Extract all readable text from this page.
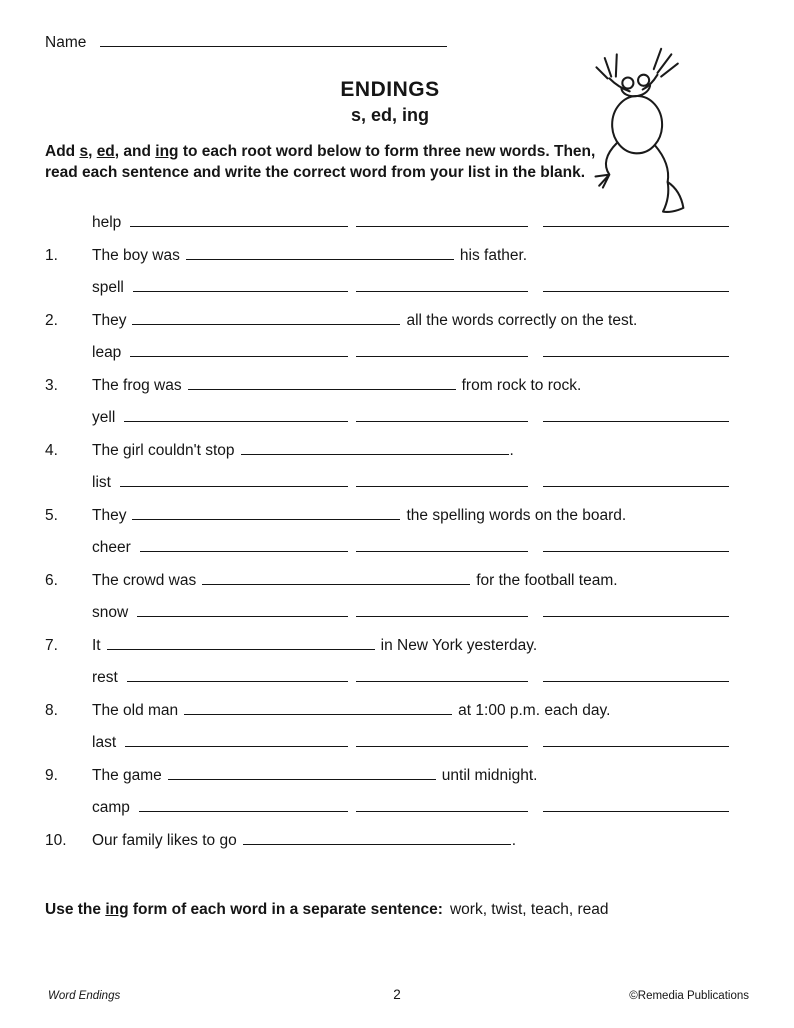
Name
ENDINGS
s, ed, ing

Add s, ed, and ing to each root word below to form three new words. Then, read each sentence and write the correct word from your list in the blank.

help
1.	The boy was	his father.
spell
2.	They	all the words correctly on the test.
leap
3.	The frog was	from rock to rock.
yell
4.	The girl couldn't stop	.
list
5.	They	the spelling words on the board.
cheer
6.	The crowd was	for the football team.
snow
7.	It	in New York yesterday.
rest
8.	The old man	at 1:00 p.m. each day.
last
9.	The game	until midnight.
camp
10.	Our family likes to go	.

Use the ing form of each word in a separate sentence: work, twist, teach, read

Word Endings	2	©Remedia Publications
